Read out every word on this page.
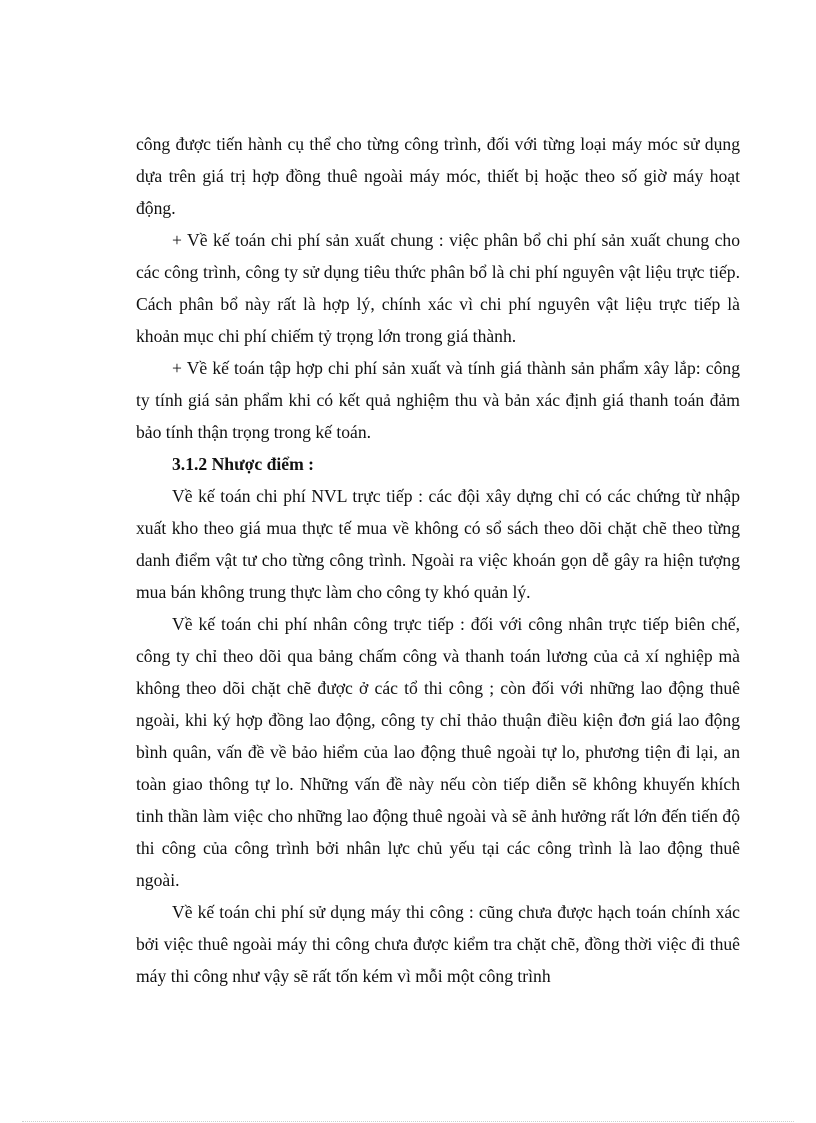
công được tiến hành cụ thể cho từng công trình, đối với từng loại máy móc sử dụng dựa trên giá trị hợp đồng thuê ngoài máy móc, thiết bị hoặc theo số giờ máy hoạt động.

+ Về kế toán chi phí sản xuất chung : việc phân bổ chi phí sản xuất chung cho các công trình, công ty sử dụng tiêu thức phân bổ là chi phí nguyên vật liệu trực tiếp. Cách phân bổ này rất là hợp lý, chính xác vì chi phí nguyên vật liệu trực tiếp là khoản mục chi phí chiếm tỷ trọng lớn trong giá thành.

+ Về kế toán tập hợp chi phí sản xuất và tính giá thành sản phẩm xây lắp: công ty tính giá sản phẩm khi có kết quả nghiệm thu và bản xác định giá thanh toán đảm bảo tính thận trọng trong kế toán.

3.1.2 Nhược điểm :

Về kế toán chi phí NVL trực tiếp : các đội xây dựng chỉ có các chứng từ nhập xuất kho theo giá mua thực tế mua về không có sổ sách theo dõi chặt chẽ theo từng danh điểm vật tư cho từng công trình. Ngoài ra việc khoán gọn dễ gây ra hiện tượng mua bán không trung thực làm cho công ty khó quản lý.

Về kế toán chi phí nhân công trực tiếp : đối với công nhân trực tiếp biên chế, công ty chỉ theo dõi qua bảng chấm công và thanh toán lương của cả xí nghiệp mà không theo dõi chặt chẽ được ở các tổ thi công ; còn đối với những lao động thuê ngoài, khi ký hợp đồng lao động, công ty chỉ thảo thuận điều kiện đơn giá lao động bình quân, vấn đề về bảo hiểm của lao động thuê ngoài tự lo, phương tiện đi lại, an toàn giao thông tự lo. Những vấn đề này nếu còn tiếp diễn sẽ không khuyến khích tinh thần làm việc cho những lao động thuê ngoài và sẽ ảnh hưởng rất lớn đến tiến độ thi công của công trình bởi nhân lực chủ yếu tại các công trình là lao động thuê ngoài.

Về kế toán chi phí sử dụng máy thi công : cũng chưa được hạch toán chính xác bởi việc thuê ngoài máy thi công chưa được kiểm tra chặt chẽ, đồng thời việc đi thuê máy thi công như vậy sẽ rất tốn kém vì mỗi một công trình
